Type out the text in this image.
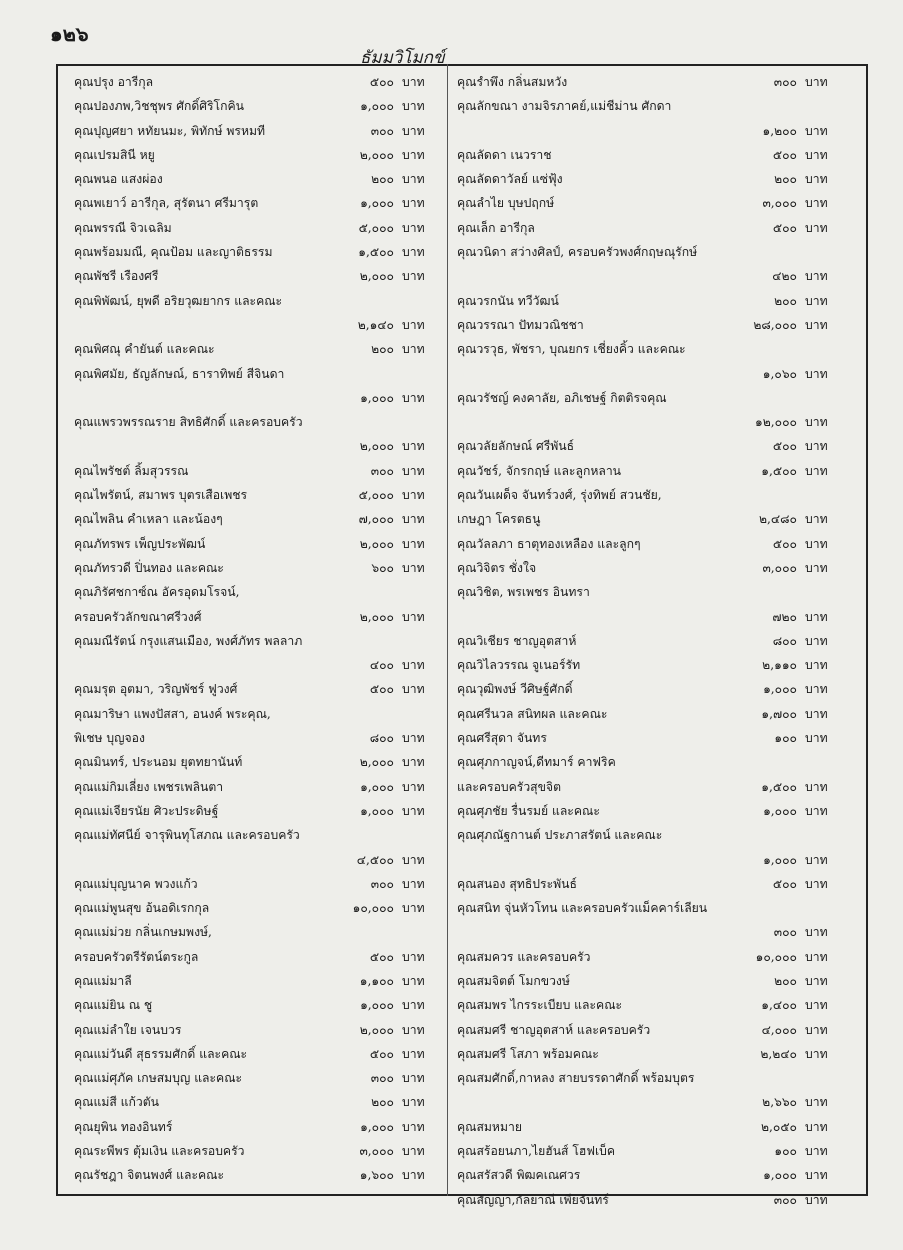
๑๒๖
ธัมมวิโมกข์
คุณปรุง อารีกุล	๕๐๐ บาท
คุณปองภพ,วิชชุพร ศักดิ์ศิริโกคิน	๑,๐๐๐ บาท
คุณปุญศยา หทัยนมะ, พิทักษ์ พรหมที	๓๐๐ บาท
คุณเปรมสินี หยู	๒,๐๐๐ บาท
คุณพนอ แสงผ่อง	๒๐๐ บาท
คุณพเยาว์ อารีกุล, สุรัตนา ศรีมารุต	๑,๐๐๐ บาท
คุณพรรณี จิวเฉลิม	๕,๐๐๐ บาท
คุณพร้อมมณี, คุณป้อม และญาติธรรม	๑,๕๐๐ บาท
คุณพัชรี เรืองศรี	๒,๐๐๐ บาท
คุณพิพัฒน์, ยุพดี อริยวุฒยากร และคณะ
๒,๑๔๐ บาท
คุณพิศณุ คำยันต์ และคณะ	๒๐๐ บาท
คุณพิศมัย, ธัญลักษณ์, ธาราทิพย์ สีจินดา
๑,๐๐๐ บาท
คุณแพรวพรรณราย สิทธิศักดิ์ และครอบครัว
๒,๐๐๐ บาท
คุณไพรัชต์ ลิ้มสุวรรณ	๓๐๐ บาท
คุณไพรัตน์, สมาพร บุตรเสือเพชร	๕,๐๐๐ บาท
คุณไพลิน คำเหลา และน้องๆ	๗,๐๐๐ บาท
คุณภัทรพร เพ็ญประพัฒน์	๒,๐๐๐ บาท
คุณภัทรวดี ปิ่นทอง และคณะ	๖๐๐ บาท
คุณภิรัศชกาซ์ณ อัครอุดมโรจน์,
ครอบครัวลักขณาศรีวงศ์	๒,๐๐๐ บาท
คุณมณีรัตน์ กรุงแสนเมือง, พงศ์ภัทร พลลาภ
๔๐๐ บาท
คุณมรุต อุตมา, วริญพัชร์ ฟูวงศ์	๕๐๐ บาท
คุณมาริษา แพงปัสสา, อนงค์ พระคุณ,
พิเชษ บุญจอง	๘๐๐ บาท
คุณมินทร์, ประนอม ยุตทยานันท์	๒,๐๐๐ บาท
คุณแม่กิมเลี่ยง เพชรเพลินตา	๑,๐๐๐ บาท
คุณแม่เจียรนัย ศิวะประดิษฐ์	๑,๐๐๐ บาท
คุณแม่ทัศนีย์ จารุพินทุโสภณ และครอบครัว
๔,๕๐๐ บาท
คุณแม่บุญนาค พวงแก้ว	๓๐๐ บาท
คุณแม่พูนสุข อ้นอดิเรกกุล	๑๐,๐๐๐ บาท
คุณแม่ม่วย กลิ่นเกษมพงษ์,
ครอบครัวตรีรัตน์ตระกูล	๕๐๐ บาท
คุณแม่มาลี	๑,๑๐๐ บาท
คุณแม่ยิน ณ ชู	๑,๐๐๐ บาท
คุณแม่ลำใย เจนบวร	๒,๐๐๐ บาท
คุณแม่วันดี สุธรรมศักดิ์ และคณะ	๕๐๐ บาท
คุณแม่ศุภัค เกษสมบุญ และคณะ	๓๐๐ บาท
คุณแม่สี แก้วตัน	๒๐๐ บาท
คุณยุพิน ทองอินทร์	๑,๐๐๐ บาท
คุณระพีพร ตุ้มเงิน และครอบครัว	๓,๐๐๐ บาท
คุณรัชฎา จิตนพงศ์ และคณะ	๑,๖๐๐ บาท
คุณรำพึง กลิ่นสมหวัง	๓๐๐ บาท
คุณลักขณา งามจิรภาคย์,แม่ชีม่าน ศักดา
๑,๒๐๐ บาท
คุณลัดดา เนวราช	๕๐๐ บาท
คุณลัดดาวัลย์ แซ่ฟุ้ง	๒๐๐ บาท
คุณลำไย บุษปฤกษ์	๓,๐๐๐ บาท
คุณเล็ก อารีกุล	๕๐๐ บาท
คุณวนิดา สว่างศิลป์, ครอบครัวพงศ์กฤษณุรักษ์
๔๒๐ บาท
คุณวรกนัน ทวีวัฒน์	๒๐๐ บาท
คุณวรรณา ปัทมวณิชชา	๒๘,๐๐๐ บาท
คุณวรวุธ, พัชรา, บุณยกร เชี่ยงคิ้ว และคณะ
๑,๐๖๐ บาท
คุณวรัชญ์ คงคาลัย, อภิเชษฐ์ กิตติรจคุณ
๑๒,๐๐๐ บาท
คุณวลัยลักษณ์ ศรีพันธ์	๕๐๐ บาท
คุณวัชร์, จักรกฤษ์ และลูกหลาน	๑,๕๐๐ บาท
คุณวันเผด็จ จันทร์วงศ์, รุ่งทิพย์ สวนชัย,
เกษฎา โครตธนู	๒,๔๘๐ บาท
คุณวัลลภา ธาตุทองเหลือง และลูกๆ	๕๐๐ บาท
คุณวิจิตร ชั่งใจ	๓,๐๐๐ บาท
คุณวิชิต, พรเพชร อินทรา
๗๒๐ บาท
คุณวิเชียร ชาญอุตสาห์	๘๐๐ บาท
คุณวิไลวรรณ จูเนอร์รัท	๒,๑๑๐ บาท
คุณวุฒิพงษ์ วีศิษฐ์ศักดิ์	๑,๐๐๐ บาท
คุณศรีนวล สนิทผล และคณะ	๑,๗๐๐ บาท
คุณศรีสุดา จันทร	๑๐๐ บาท
คุณศุภกาญจน์,ดีทมาร์ คาฟริค
และครอบครัวสุขจิต	๑,๕๐๐ บาท
คุณศุภชัย รื่นรมย์ และคณะ	๑,๐๐๐ บาท
คุณศุภณัฐกานต์ ประภาสรัตน์ และคณะ
๑,๐๐๐ บาท
คุณสนอง สุทธิประพันธ์	๕๐๐ บาท
คุณสนิท จุ่นหัวโทน และครอบครัวแม็คคาร์เลียน
๓๐๐ บาท
คุณสมควร และครอบครัว	๑๐,๐๐๐ บาท
คุณสมจิตต์ โมกขวงษ์	๒๐๐ บาท
คุณสมพร ไกรระเบียบ และคณะ	๑,๔๐๐ บาท
คุณสมศรี ชาญอุตสาห์ และครอบครัว	๔,๐๐๐ บาท
คุณสมศรี โสภา พร้อมคณะ	๒,๒๔๐ บาท
คุณสมศักดิ์,กาหลง สายบรรดาศักดิ์ พร้อมบุตร
๒,๖๖๐ บาท
คุณสมหมาย	๒,๐๕๐ บาท
คุณสร้อยนภา,ไยฮันส์ โฮฟเบ็ค	๑๐๐ บาท
คุณสรัสวดี พิฒคเณศวร	๑,๐๐๐ บาท
คุณสัญญา,กัลยาณี เพียจันทร์	๓๐๐ บาท
